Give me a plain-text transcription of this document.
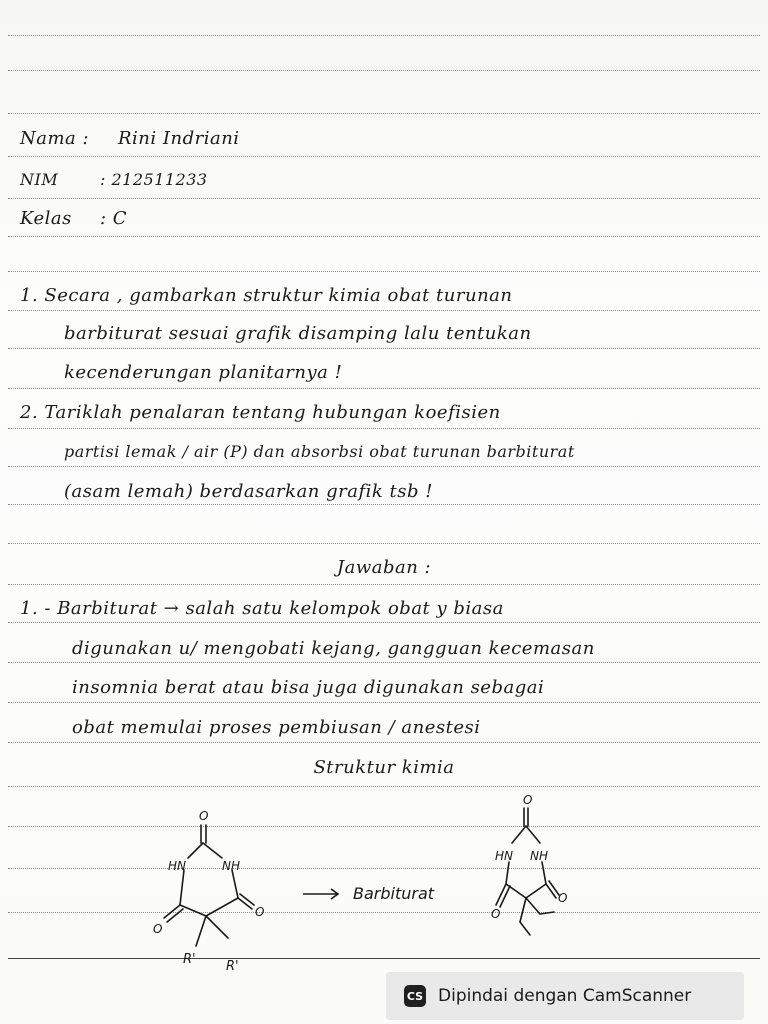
Nama : Rini Indriani
NIM	: 212511233
Kelas : C
1. Secara , gambarkan struktur kimia obat turunan
barbiturat sesuai grafik disamping lalu tentukan
kecenderungan planitarnya !
2. Tariklah penalaran tentang hubungan koefisien
partisi lemak / air (P) dan absorbsi obat turunan barbiturat
(asam lemah) berdasarkan grafik tsb !
Jawaban :
1. - Barbiturat → salah satu kelompok obat y biasa
digunakan u/ mengobati kejang, gangguan kecemasan
insomnia berat atau bisa juga digunakan sebagai
obat memulai proses pembiusan / anestesi
Struktur kimia
O
HN	NH
O
O
R' R'
Barbiturat
O
HN NH
O
O
CS Dipindai dengan CamScanner
